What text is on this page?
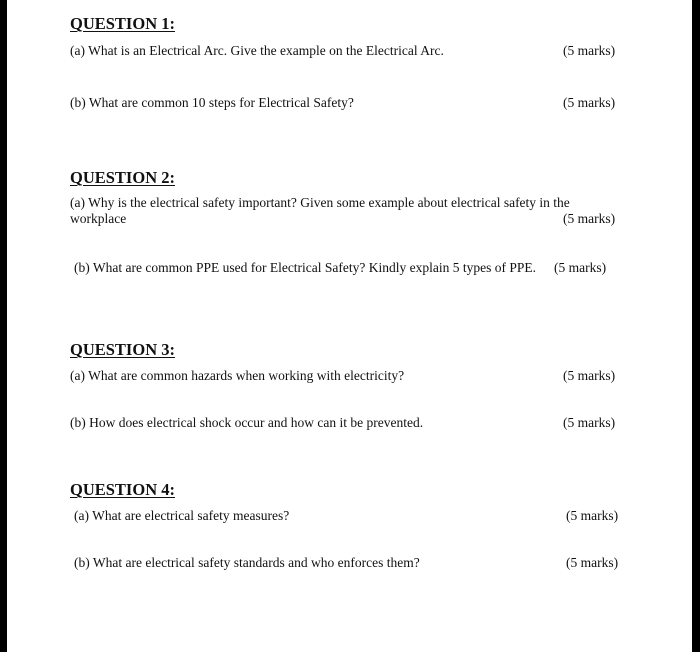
QUESTION 1:
(a) What is an Electrical Arc. Give the example on the Electrical Arc.	(5 marks)
(b) What are common 10 steps for Electrical Safety?	(5 marks)
QUESTION 2:
(a) Why is the electrical safety important? Given some example about electrical safety in the
workplace	(5 marks)
(b) What are common PPE used for Electrical Safety? Kindly explain 5 types of PPE. (5 marks)
QUESTION 3:
(a) What are common hazards when working with electricity?	(5 marks)
(b) How does electrical shock occur and how can it be prevented.	(5 marks)
QUESTION 4:
(a) What are electrical safety measures?	(5 marks)
(b) What are electrical safety standards and who enforces them?	(5 marks)
